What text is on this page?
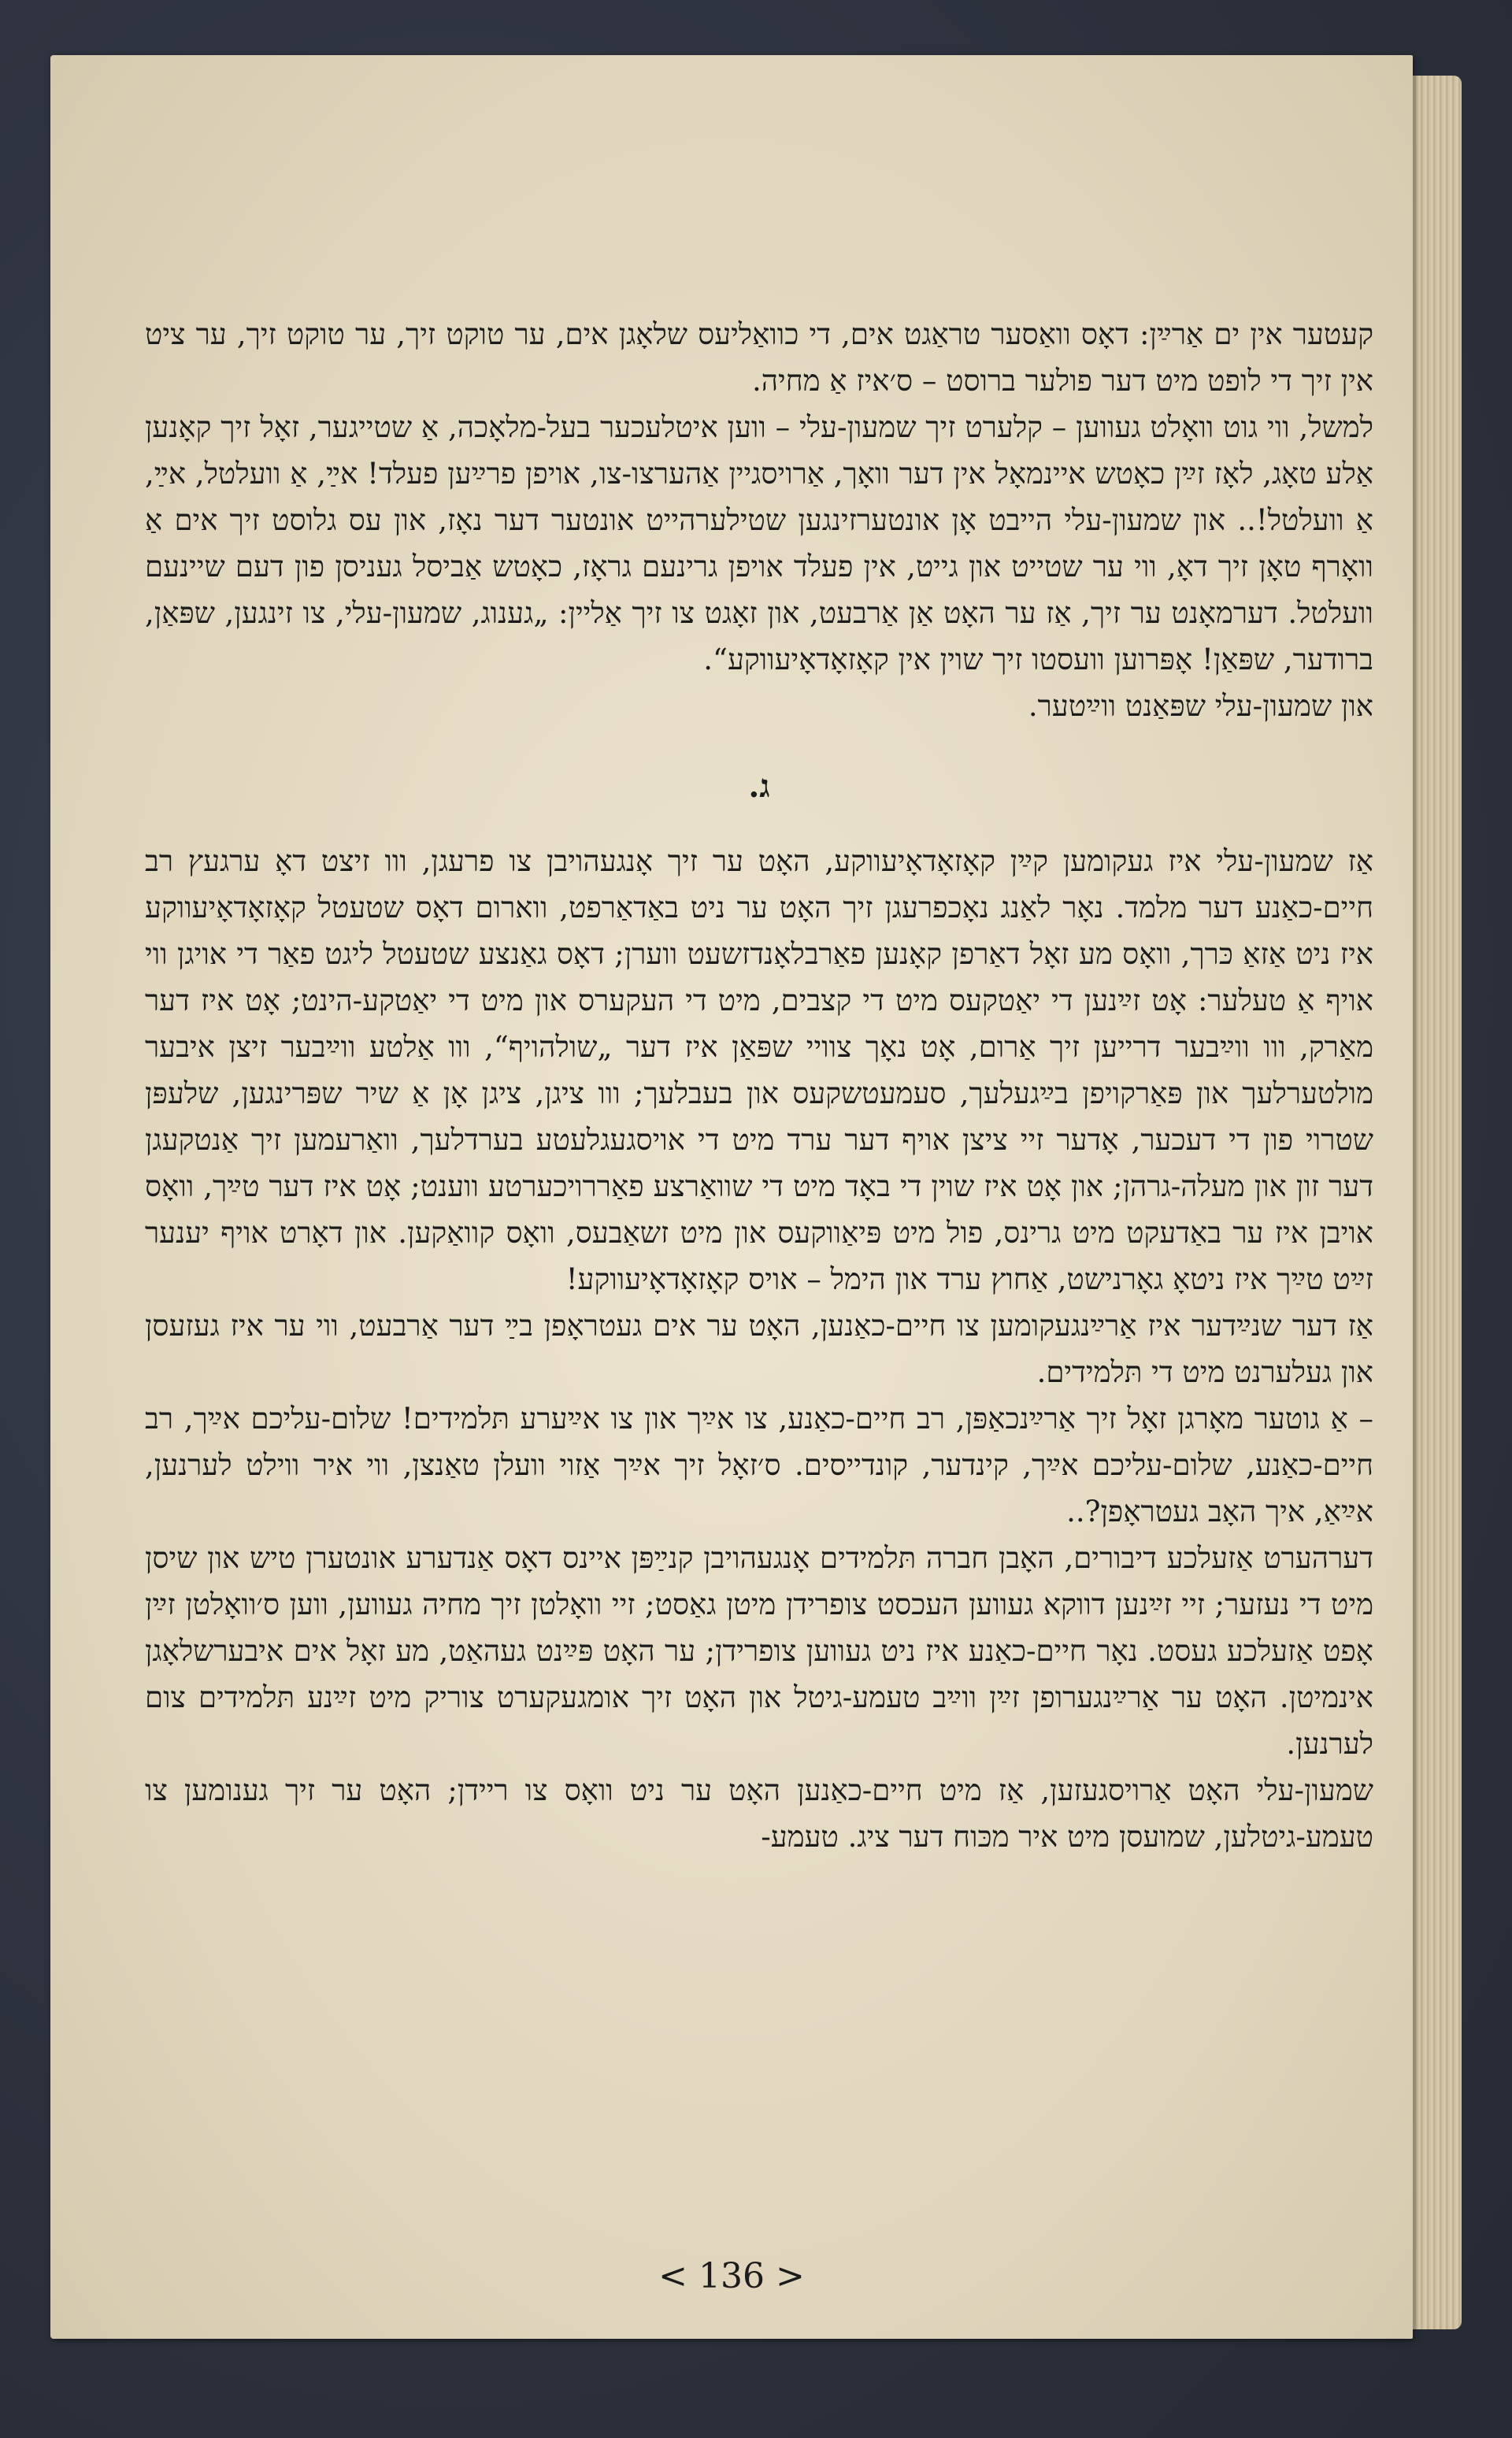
קעטער אין ים אַרײַן: דאָס וואַסער טראַגט אים, די כוואַליעס שלאָגן אים, ער טוקט זיך, ער טוקט זיך, ער ציט אין זיך די לופט מיט דער פולער ברוסט – ס׳איז אַ מחיה.

למשל, ווי גוט וואָלט געווען – קלערט זיך שמעון-עלי – ווען איטלעכער בעל-מלאָכה, אַ שטייגער, זאָל זיך קאָנען אַלע טאָג, לאָז זײַן כאָטש איינמאָל אין דער וואָך, אַרויסגיין אַהערצו-צו, אויפן פרײַען פעלד! אײַ, אַ וועלטל, אײַ, אַ וועלטל!.. און שמעון-עלי הייבט אָן אונטערזינגען שטילערהייט אונטער דער נאָז, און עס גלוסט זיך אים אַ וואָרף טאָן זיך דאָ, ווי ער שטייט און גייט, אין פעלד אויפן גרינעם גראָז, כאָטש אַביסל געניסן פון דעם שיינעם וועלטל. דערמאָנט ער זיך, אַז ער האָט אַן אַרבעט, און זאָגט צו זיך אַליין: „גענוג, שמעון-עלי, צו זינגען, שפּאַן, ברודער, שפּאַן! אָפּרוען וועסטו זיך שוין אין קאָזאָדאָיעווקע“.

און שמעון-עלי שפּאַנט ווײַטער.

ג.

אַז שמעון-עלי איז געקומען קײַן קאָזאָדאָיעווקע, האָט ער זיך אָנגעהויבן צו פרעגן, ווו זיצט דאָ ערגעץ רב חיים-כאַנע דער מלמד. נאָר לאַנג נאָכפרעגן זיך האָט ער ניט באַדאַרפט, ווארום דאָס שטעטל קאָזאָדאָיעווקע איז ניט אַזאַ כּרך, וואָס מע זאָל דאַרפן קאָנען פאַרבלאָנדזשעט ווערן; דאָס גאַנצע שטעטל ליגט פאַר די אויגן ווי אויף אַ טעלער: אָט זײַנען די יאַטקעס מיט די קצבים, מיט די העקערס און מיט די יאַטקע-הינט; אָט איז דער מאַרק, ווו ווײַבער דרייען זיך אַרום, אָט נאָך צוויי שפּאַן איז דער „שולהויף“, ווו אַלטע ווײַבער זיצן איבער מולטערלעך און פּאַרקויפן בײַגעלעך, סעמעטשקעס און בעבלעך; ווו ציגן, ציגן אָן אַ שיר שפּרינגען, שלעפּן שטרוי פון די דעכער, אָדער זיי ציצן אויף דער ערד מיט די אויסגעגלעטע בערדלעך, וואַרעמען זיך אַנטקעגן דער זון און מעלה-גרהן; און אָט איז שוין די באָד מיט די שוואַרצע פאַררויכערטע ווענט; אָט איז דער טײַך, וואָס אויבן איז ער באַדעקט מיט גרינס, פול מיט פּיאַווקעס און מיט זשאַבעס, וואָס קוואַקען. און דאָרט אויף יענער זײַט טײַך איז ניטאָ גאָרנישט, אַחוץ ערד און הימל – אויס קאָזאָדאָיעווקע!

אַז דער שנײַדער איז אַרײַנגעקומען צו חיים-כאַנען, האָט ער אים געטראָפן בײַ דער אַרבעט, ווי ער איז געזעסן און געלערנט מיט די תּלמידים.

– אַ גוטער מאָרגן זאָל זיך אַרײַנכאַפּן, רב חיים-כאַנע, צו אײַך און צו אײַערע תּלמידים! שלום-עליכם אײַך, רב חיים-כאַנע, שלום-עליכם אײַך, קינדער, קונדייסים. ס׳זאָל זיך אײַך אַזוי וועלן טאַנצן, ווי איר ווילט לערנען, אײַאַ, איך האָב געטראָפן?..

דערהערט אַזעלכע דיבורים, האָבן חברה תּלמידים אָנגעהויבן קנײַפּן איינס דאָס אַנדערע אונטערן טיש און שיסן מיט די נעזער; זיי זײַנען דווקא געווען העכסט צופרידן מיטן גאַסט; זיי וואָלטן זיך מחיה געווען, ווען ס׳וואָלטן זײַן אָפט אַזעלכע געסט. נאָר חיים-כאַנע איז ניט געווען צופרידן; ער האָט פּײַנט געהאַט, מע זאָל אים איבערשלאָגן אינמיטן. האָט ער אַרײַנגערופן זײַן ווײַב טעמע-גיטל און האָט זיך אומגעקערט צוריק מיט זײַנע תּלמידים צום לערנען.

שמעון-עלי האָט אַרויסגעזען, אַז מיט חיים-כאַנען האָט ער ניט וואָס צו ריידן; האָט ער זיך גענומען צו טעמע-גיטלען, שמועסן מיט איר מכּוח דער ציג. טעמע-

< 136 >
